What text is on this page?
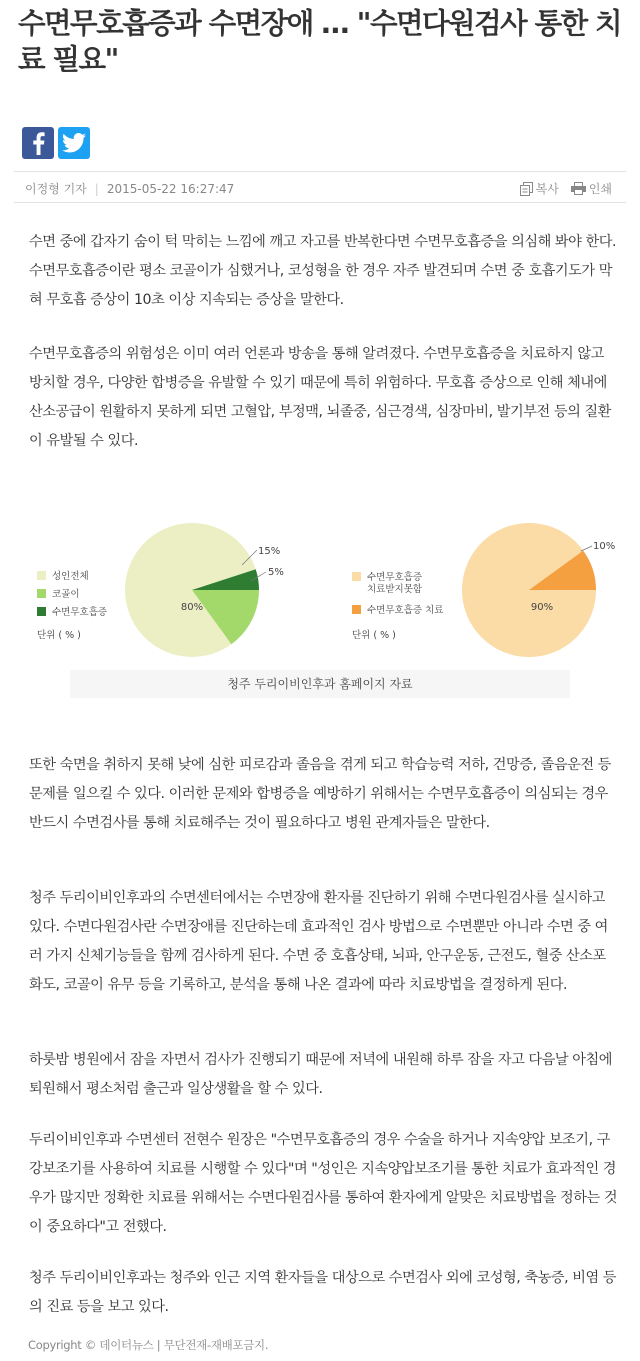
수면무호흡증과 수면장애 … "수면다원검사 통한 치료 필요"
이정형 기자 | 2015-05-22 16:27:47	복사	인쇄

수면 중에 갑자기 숨이 턱 막히는 느낌에 깨고 자고를 반복한다면 수면무호흡증을 의심해 봐야 한다. 수면무호흡증이란 평소 코골이가 심했거나, 코성형을 한 경우 자주 발견되며 수면 중 호흡기도가 막혀 무호흡 증상이 10초 이상 지속되는 증상을 말한다.

수면무호흡증의 위험성은 이미 여러 언론과 방송을 통해 알려졌다. 수면무호흡증을 치료하지 않고 방치할 경우, 다양한 합병증을 유발할 수 있기 때문에 특히 위험하다. 무호흡 증상으로 인해 체내에 산소공급이 원활하지 못하게 되면 고혈압, 부정맥, 뇌졸중, 심근경색, 심장마비, 발기부전 등의 질환이 유발될 수 있다.

80%
15%
5%
성인전체
코골이
수면무호흡증
단위 ( % )
90%
10%
수면무호흡증
치료받지못함
수면무호흡증 치료
단위 ( % )
청주 두리이비인후과 홈페이지 자료

또한 숙면을 취하지 못해 낮에 심한 피로감과 졸음을 겪게 되고 학습능력 저하, 건망증, 졸음운전 등 문제를 일으킬 수 있다. 이러한 문제와 합병증을 예방하기 위해서는 수면무호흡증이 의심되는 경우 반드시 수면검사를 통해 치료해주는 것이 필요하다고 병원 관계자들은 말한다.

청주 두리이비인후과의 수면센터에서는 수면장애 환자를 진단하기 위해 수면다원검사를 실시하고 있다. 수면다원검사란 수면장애를 진단하는데 효과적인 검사 방법으로 수면뿐만 아니라 수면 중 여러 가지 신체기능들을 함께 검사하게 된다. 수면 중 호흡상태, 뇌파, 안구운동, 근전도, 혈중 산소포화도, 코골이 유무 등을 기록하고, 분석을 통해 나온 결과에 따라 치료방법을 결정하게 된다.

하룻밤 병원에서 잠을 자면서 검사가 진행되기 때문에 저녁에 내원해 하루 잠을 자고 다음날 아침에 퇴원해서 평소처럼 출근과 일상생활을 할 수 있다.

두리이비인후과 수면센터 전현수 원장은 "수면무호흡증의 경우 수술을 하거나 지속양압 보조기, 구강보조기를 사용하여 치료를 시행할 수 있다"며 "성인은 지속양압보조기를 통한 치료가 효과적인 경우가 많지만 정확한 치료를 위해서는 수면다원검사를 통하여 환자에게 알맞은 치료방법을 정하는 것이 중요하다"고 전했다.

청주 두리이비인후과는 청주와 인근 지역 환자들을 대상으로 수면검사 외에 코성형, 축농증, 비염 등의 진료 등을 보고 있다.

Copyright © 데이터뉴스 | 무단전재-재배포금지.
